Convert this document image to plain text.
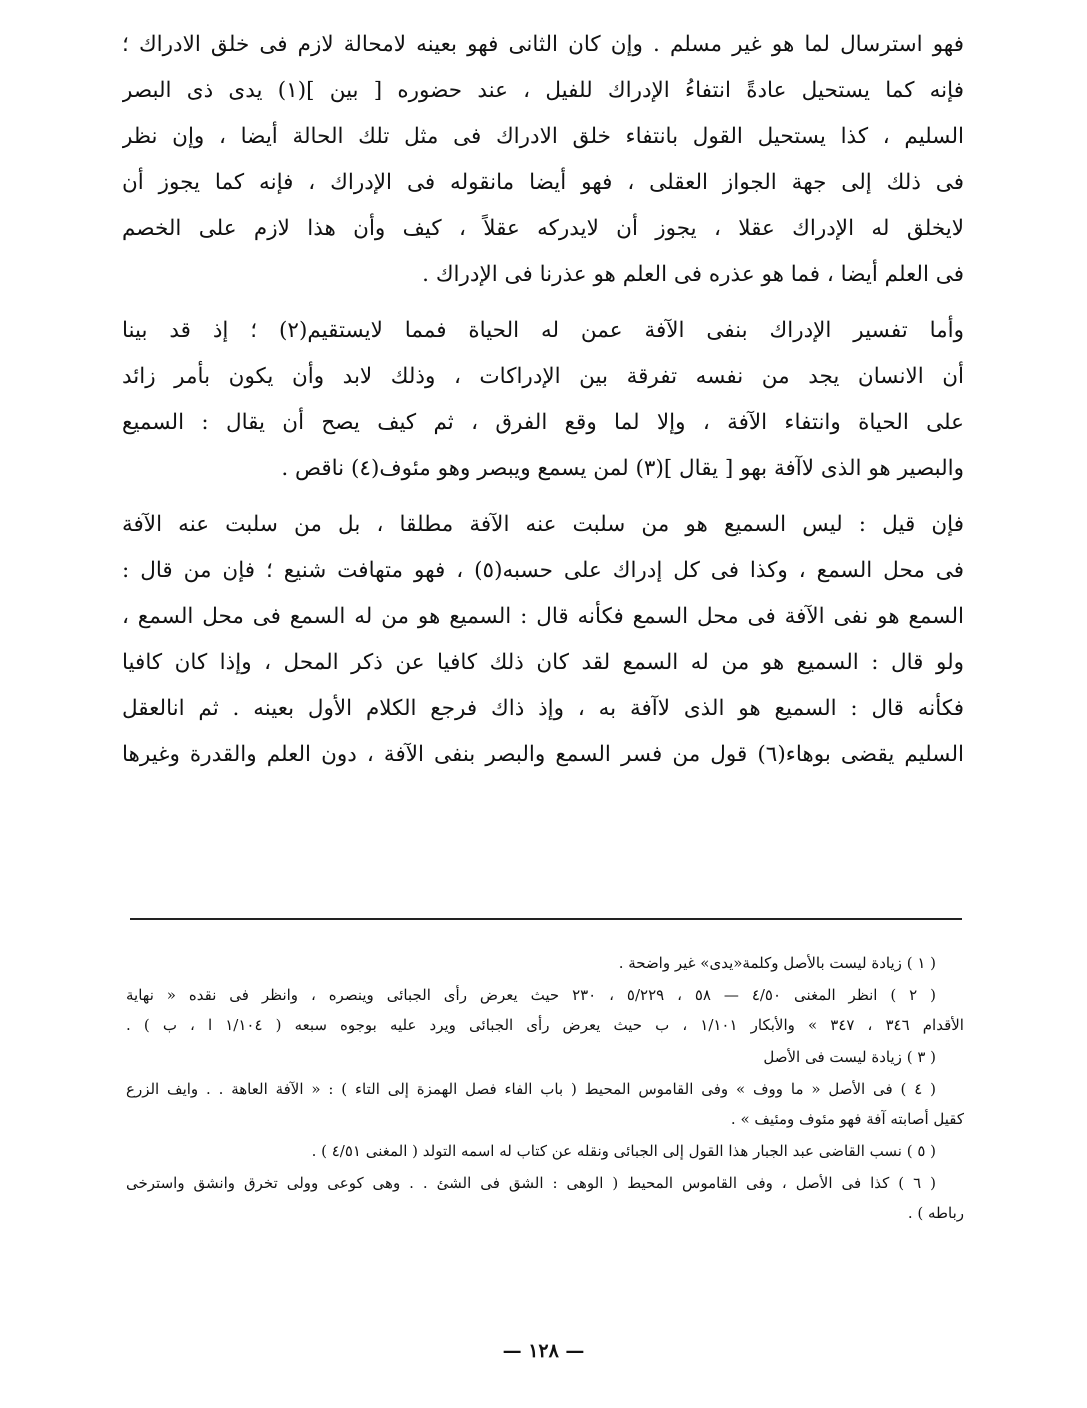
فهو استرسال لما هو غير مسلم . وإن كان الثانى فهو بعينه لامحالة لازم فى خلق الادراك ؛
فإنه كما يستحيل عادةً انتفاءُ الإدراك للفيل ، عند حضوره [ بين ](١) يدى ذى البصر
السليم ، كذا يستحيل القول بانتفاء خلق الادراك فى مثل تلك الحالة أيضا ، وإن نظر
فى ذلك إلى جهة الجواز العقلى ، فهو أيضا مانقوله فى الإدراك ، فإنه كما يجوز أن
لايخلق له الإدراك عقلا ، يجوز أن لايدركه عقلاً ، كيف وأن هذا لازم على الخصم
فى العلم أيضا ، فما هو عذره فى العلم هو عذرنا فى الإدراك .

وأما تفسير الإدراك بنفى الآفة عمن له الحياة فمما لايستقيم(٢) ؛ إذ قد بينا
أن الانسان يجد من نفسه تفرقة بين الإدراكات ، وذلك لابد وأن يكون بأمر زائد
على الحياة وانتفاء الآفة ، وإلا لما وقع الفرق ، ثم كيف يصح أن يقال : السميع
والبصير هو الذى لاآفة بهو [ يقال ](٣) لمن يسمع ويبصر وهو مئوف(٤) ناقص .

فإن قيل : ليس السميع هو من سلبت عنه الآفة مطلقا ، بل من سلبت عنه الآفة
فى محل السمع ، وكذا فى كل إدراك على حسبه(٥) ، فهو متهافت شنيع ؛ فإن من قال :
السمع هو نفى الآفة فى محل السمع فكأنه قال : السميع هو من له السمع فى محل السمع ،
ولو قال : السميع هو من له السمع لقد كان ذلك كافيا عن ذكر المحل ، وإذا كان كافيا
فكأنه قال : السميع هو الذى لاآفة به ، وإذ ذاك فرجع الكلام الأول بعينه . ثم انالعقل
السليم يقضى بوهاء(٦) قول من فسر السمع والبصر بنفى الآفة ، دون العلم والقدرة وغيرها

( ١ ) زيادة ليست بالأصل وكلمة«يدى» غير واضحة .
( ٢ ) انظر المغنى ٤/٥٠ — ٥٨ ، ٥/٢٢٩ ، ٢٣٠ حيث يعرض رأى الجبائى وينصره ، وانظر فى نقده « نهاية
الأقدام ٣٤٦ ، ٣٤٧ » والأبكار ١/١٠١ ، ب حيث يعرض رأى الجبائى ويرد عليه بوجوه سبعه ( ١/١٠٤ ا ، ب ) .
( ٣ ) زيادة ليست فى الأصل
( ٤ ) فى الأصل « ما ووف » وفى القاموس المحيط ( باب الفاء فصل الهمزة إلى التاء ) : « الآفة العاهة . . وايف الزرع
كقيل أصابته آفة فهو مئوف ومئيف » .
( ٥ ) نسب القاضى عبد الجبار هذا القول إلى الجبائى ونقله عن كتاب له اسمه التولد ( المغنى ٤/٥١ ) .
( ٦ ) كذا فى الأصل ، وفى القاموس المحيط ( الوهى : الشق فى الشئ . . وهى كوعى وولى تخرق وانشق واسترخى
رباطه ) .
— ١٢٨ —
